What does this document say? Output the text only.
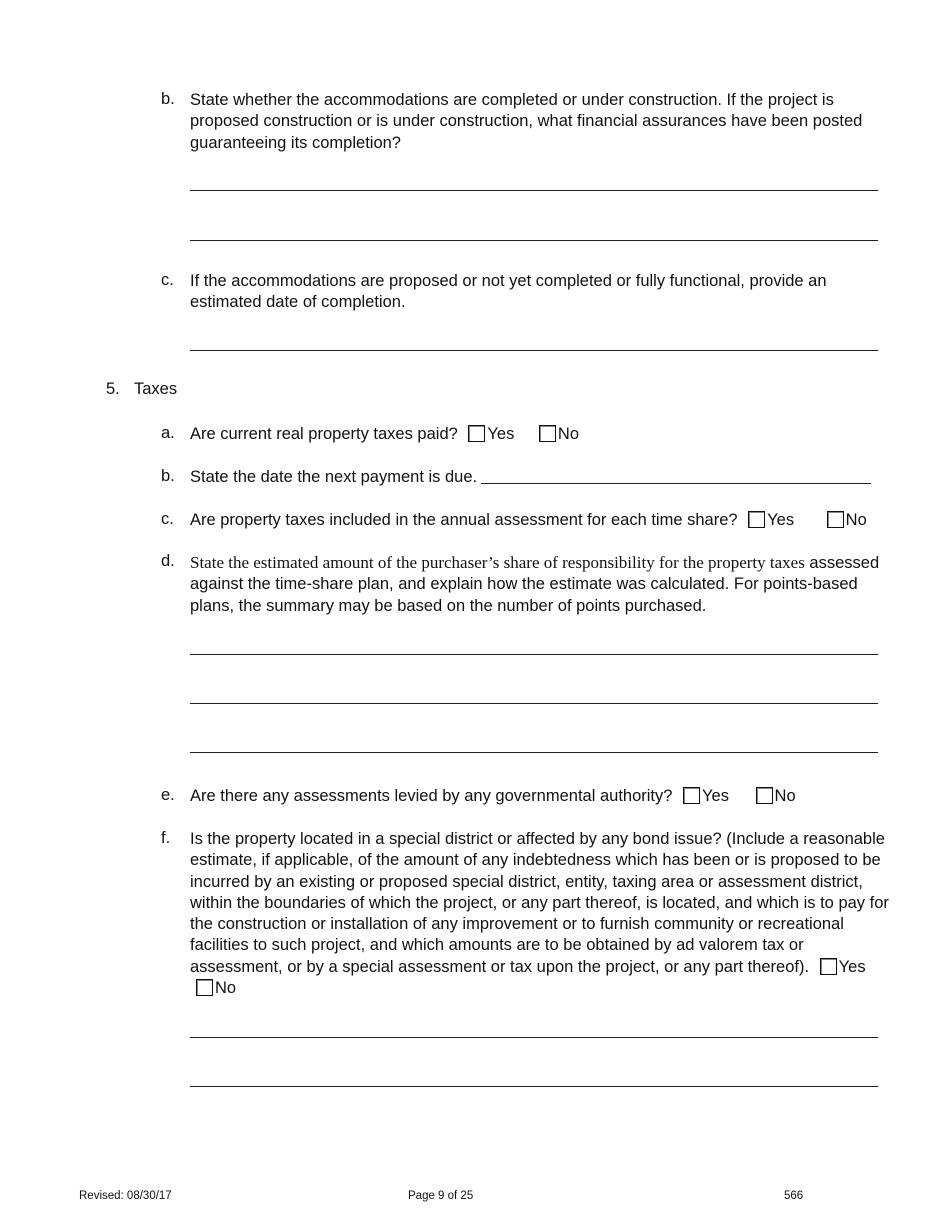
b. State whether the accommodations are completed or under construction. If the project is proposed construction or is under construction, what financial assurances have been posted guaranteeing its completion?
c. If the accommodations are proposed or not yet completed or fully functional, provide an estimated date of completion.
5. Taxes
a. Are current real property taxes paid? Yes	No
b. State the date the next payment is due.
c. Are property taxes included in the annual assessment for each time share? Yes	No
d. State the estimated amount of the purchaser’s share of responsibility for the property taxes assessed against the time-share plan, and explain how the estimate was calculated. For points-based plans, the summary may be based on the number of points purchased.
e. Are there any assessments levied by any governmental authority? Yes	No
f.	Is the property located in a special district or affected by any bond issue? (Include a reasonable estimate, if applicable, of the amount of any indebtedness which has been or is proposed to be incurred by an existing or proposed special district, entity, taxing area or assessment district, within the boundaries of which the project, or any part thereof, is located, and which is to pay for the construction or installation of any improvement or to furnish community or recreational facilities to such project, and which amounts are to be obtained by ad valorem tax or assessment, or by a special assessment or tax upon the project, or any part thereof). Yes No
Revised: 08/30/17	Page 9 of 25	566
